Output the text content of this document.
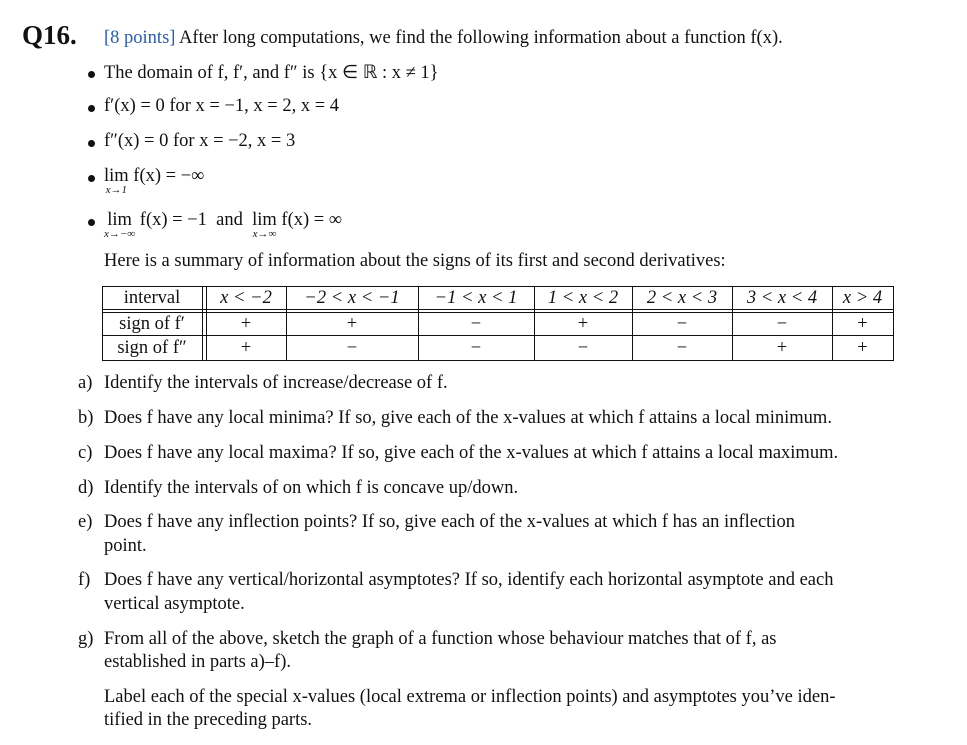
Q16. [8 points] After long computations, we find the following information about a function f(x).
The domain of f, f′, and f″ is {x ∈ ℝ : x ≠ 1}
f′(x) = 0 for x = −1, x = 2, x = 4
f″(x) = 0 for x = −2, x = 3
lim
x→1
f(x) = −∞
lim
x→−∞
f(x) = −1 and lim
x→∞
f(x) = ∞
Here is a summary of information about the signs of its first and second derivatives:
interval	x < −2	−2 < x < −1	−1 < x < 1	1 < x < 2	2 < x < 3	3 < x < 4	x > 4
sign of f′	+	+	−	+	−	−	+
sign of f″	+	−	−	−	−	+	+
a) Identify the intervals of increase/decrease of f.
b) Does f have any local minima? If so, give each of the x-values at which f attains a local minimum.
c) Does f have any local maxima? If so, give each of the x-values at which f attains a local maximum.
d) Identify the intervals of on which f is concave up/down.
e) Does f have any inflection points? If so, give each of the x-values at which f has an inflection
point.
f) Does f have any vertical/horizontal asymptotes? If so, identify each horizontal asymptote and each
vertical asymptote.
g) From all of the above, sketch the graph of a function whose behaviour matches that of f, as
established in parts a)–f).
Label each of the special x-values (local extrema or inflection points) and asymptotes you’ve iden-
tified in the preceding parts.
